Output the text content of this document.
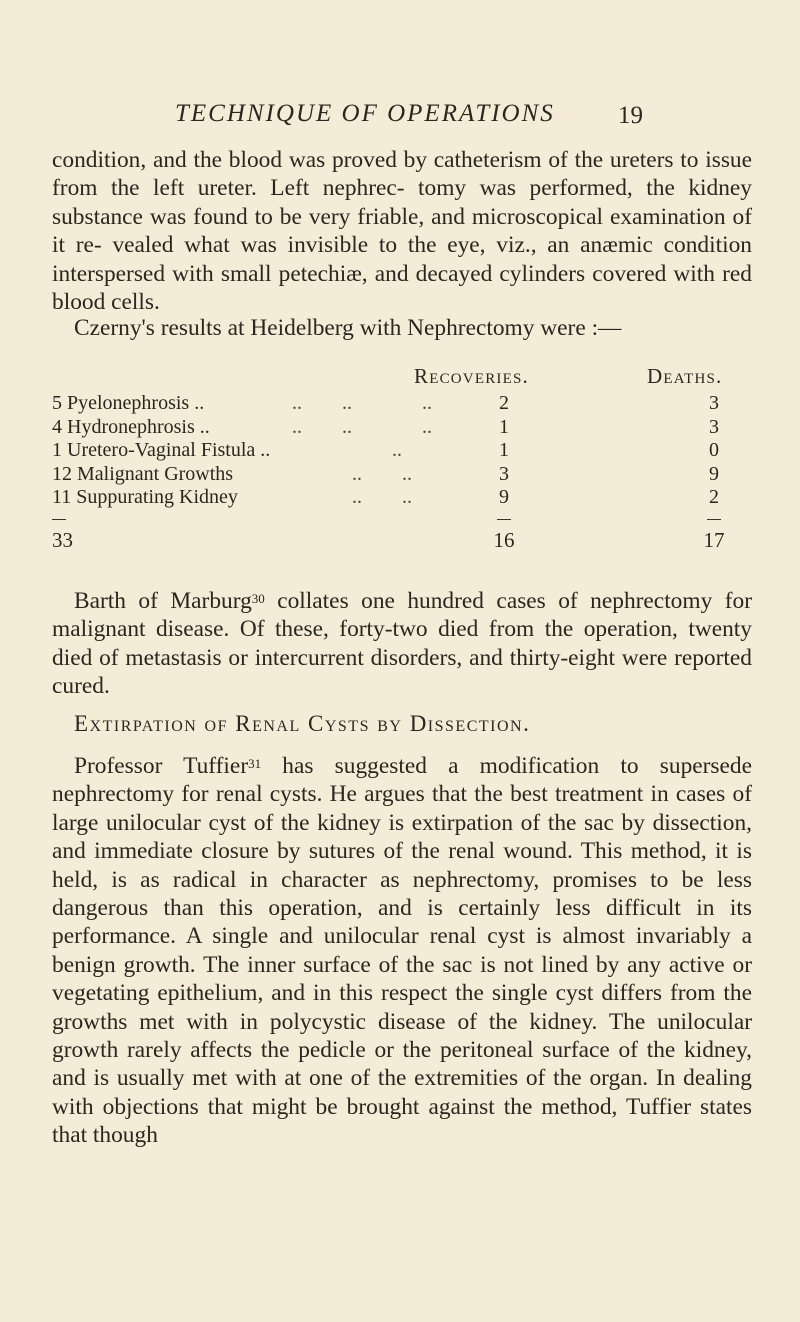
TECHNIQUE OF OPERATIONS	19

condition, and the blood was proved by catheterism of the ureters to issue from the left ureter. Left nephrec- tomy was performed, the kidney substance was found to be very friable, and microscopical examination of it re- vealed what was invisible to the eye, viz., an anæmic condition interspersed with small petechiæ, and decayed cylinders covered with red blood cells.

Czerny's results at Heidelberg with Nephrectomy were :—

Recoveries.	Deaths.
5 Pyelonephrosis ..	..        ..	..	2	3
4 Hydronephrosis ..	..        ..	..	1	3
1 Uretero-Vaginal Fistula ..	..	1	0
12 Malignant Growths	..        ..	3	9
11 Suppurating Kidney	..        ..	9	2
33	16	17

Barth of Marburg$^{30}$ collates one hundred cases of nephrectomy for malignant disease. Of these, forty-two died from the operation, twenty died of metastasis or intercurrent disorders, and thirty-eight were reported cured.

Extirpation of Renal Cysts by Dissection.

Professor Tuffier$^{31}$ has suggested a modification to supersede nephrectomy for renal cysts. He argues that the best treatment in cases of large unilocular cyst of the kidney is extirpation of the sac by dissection, and immediate closure by sutures of the renal wound. This method, it is held, is as radical in character as nephrectomy, promises to be less dangerous than this operation, and is certainly less difficult in its performance. A single and unilocular renal cyst is almost invariably a benign growth. The inner surface of the sac is not lined by any active or vegetating epithelium, and in this respect the single cyst differs from the growths met with in polycystic disease of the kidney. The unilocular growth rarely affects the pedicle or the peritoneal surface of the kidney, and is usually met with at one of the extremities of the organ. In dealing with objections that might be brought against the method, Tuffier states that though
